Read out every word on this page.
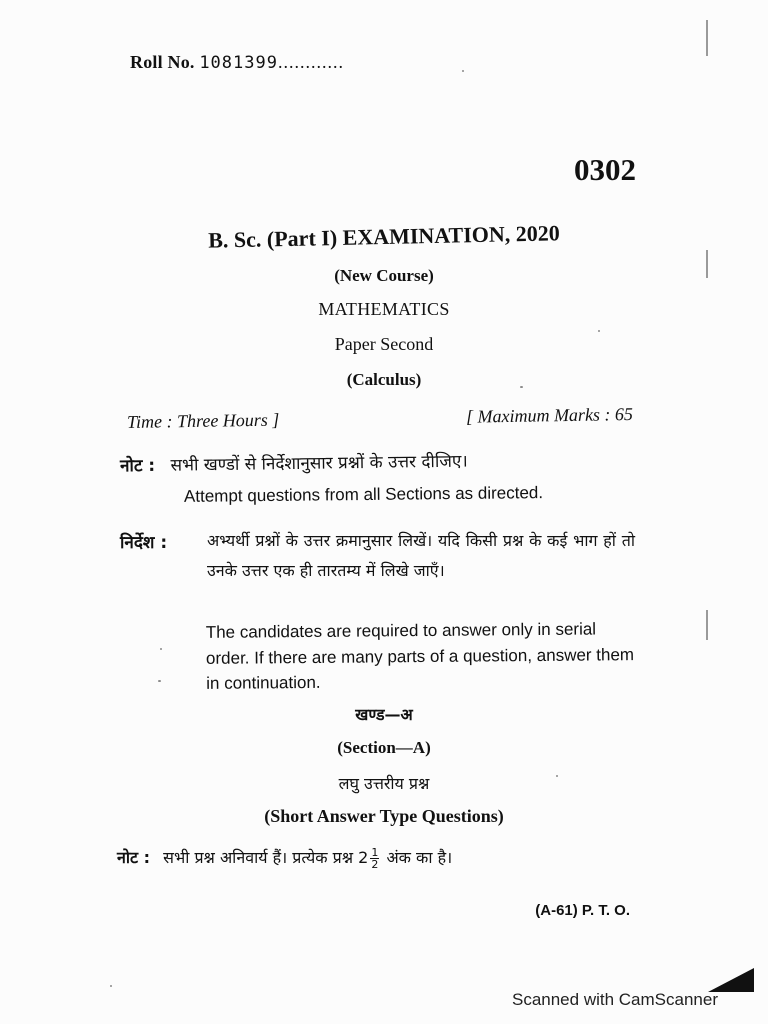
Roll No. 1081399............
0302
B. Sc. (Part I) EXAMINATION, 2020
(New Course)
MATHEMATICS
Paper Second
(Calculus)
Time : Three Hours ]	[ Maximum Marks : 65
नोट : सभी खण्डों से निर्देशानुसार प्रश्नों के उत्तर दीजिए।
Attempt questions from all Sections as directed.
निर्देश : अभ्यर्थी प्रश्नों के उत्तर क्रमानुसार लिखें। यदि किसी प्रश्न के कई भाग हों तो उनके उत्तर एक ही तारतम्य में लिखे जाएँ।
The candidates are required to answer only in serial order. If there are many parts of a question, answer them in continuation.
खण्ड—अ
(Section—A)
लघु उत्तरीय प्रश्न
(Short Answer Type Questions)
नोट : सभी प्रश्न अनिवार्य हैं। प्रत्येक प्रश्न $2 \frac{1}{2}$ अंक का है।
(A-61) P. T. O.
Scanned with CamScanner
